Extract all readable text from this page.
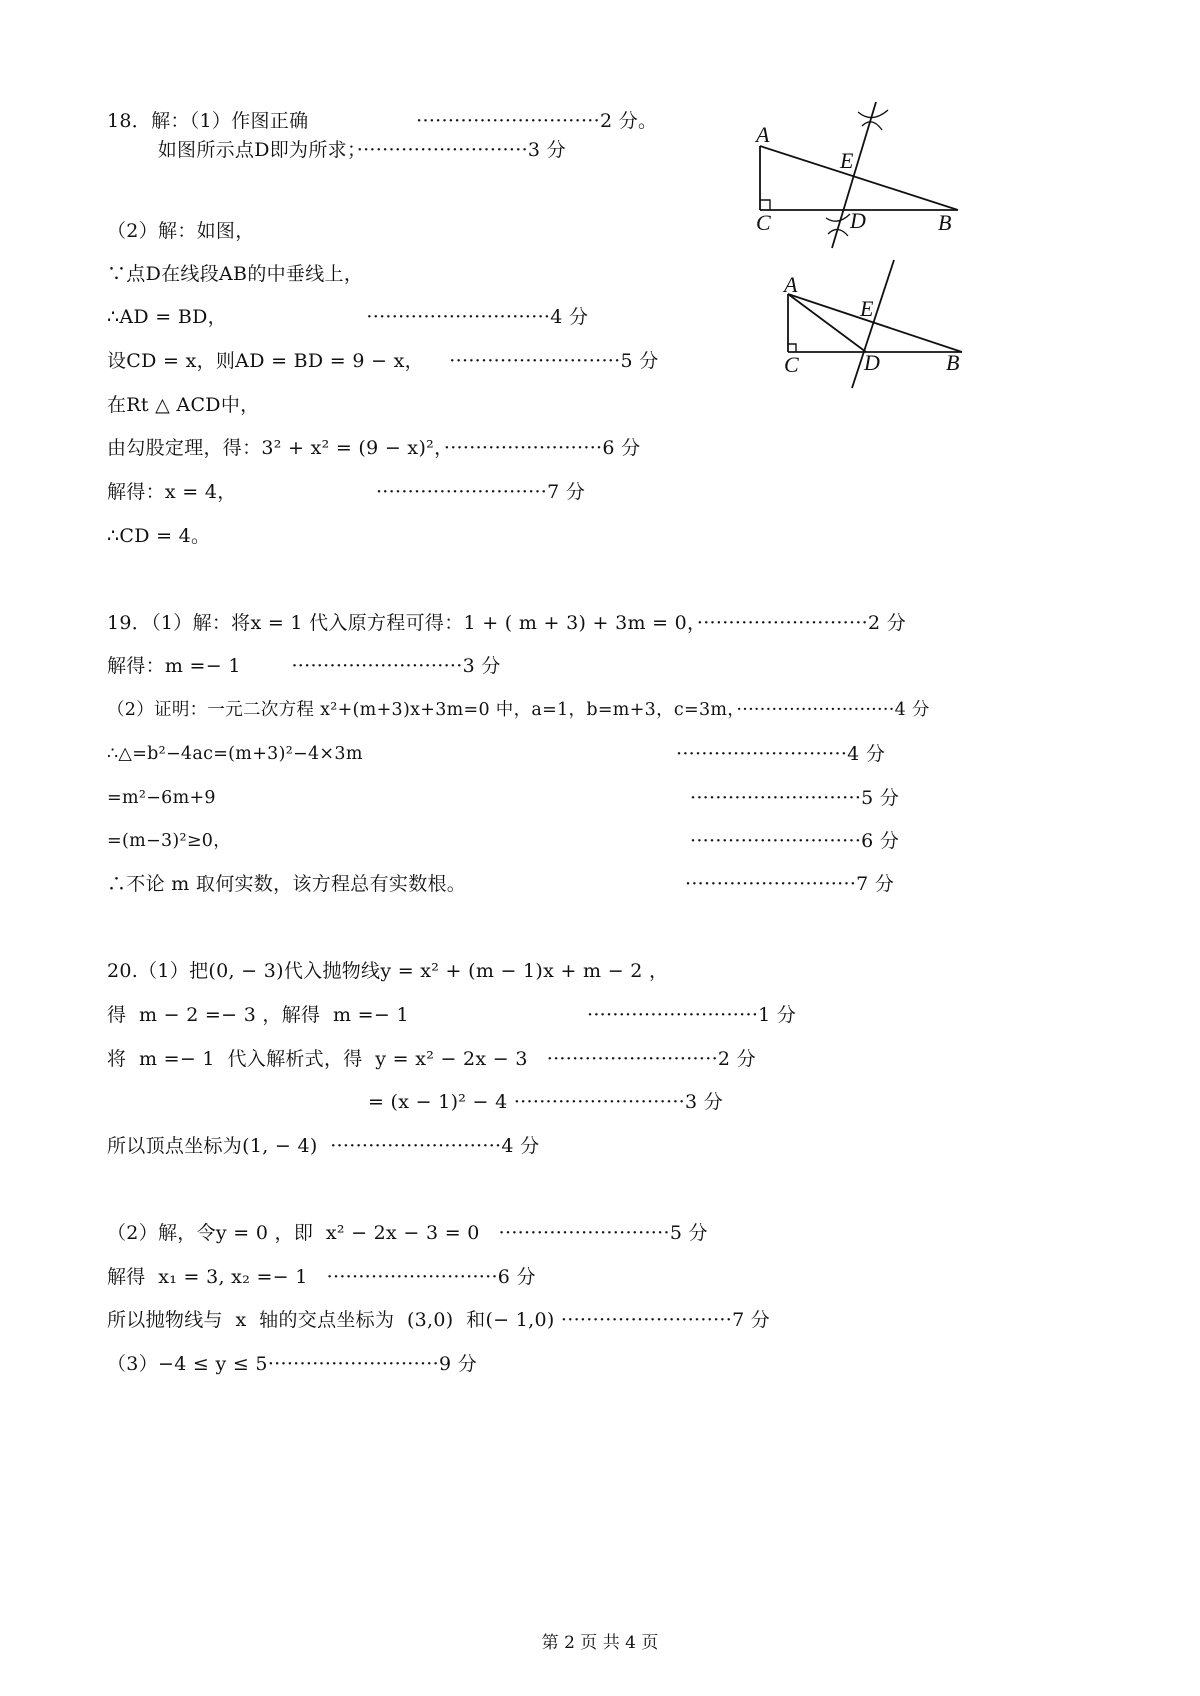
18．解：（1）作图正确                 ·····························2 分。
如图所示点D即为所求；···························3 分
（2）解：如图，
∵点D在线段AB的中垂线上，
∴AD = BD，                      ·····························4 分
设CD = x，则AD = BD = 9 − x，    ···························5 分
在Rt △ ACD中，
由勾股定理，得：3² + x² = (9 − x)²，·························6 分
解得：x = 4，                      ···························7 分
∴CD = 4。
A
E
C	D	B
A
E
C	D	B
19．（1）解：将x = 1 代入原方程可得：1 + ( m + 3) + 3m = 0，···························2 分
解得：m =− 1        ···························3 分
（2）证明：一元二次方程 x²+(m+3)x+3m=0 中，a=1，b=m+3，c=3m，···························4 分
∴△=b²−4ac=(m+3)²−4×3m	···························4 分
=m²−6m+9	···························5 分
=(m−3)²≥0，	···························6 分
∴不论 m 取何实数，该方程总有实数根。	···························7 分
20.（1）把(0, − 3)代入抛物线y = x² + (m − 1)x + m − 2 ，
得  m − 2 =− 3 ，解得  m =− 1	···························1 分
将  m =− 1  代入解析式，得  y = x² − 2x − 3   ···························2 分
= (x − 1)² − 4 ···························3 分
所以顶点坐标为(1, − 4)  ···························4 分
（2）解，令y = 0 ，即  x² − 2x − 3 = 0   ···························5 分
解得  x₁ = 3, x₂ =− 1   ···························6 分
所以抛物线与  x  轴的交点坐标为  (3,0)  和(− 1,0) ···························7 分
（3）−4 ≤ y ≤ 5···························9 分
第 2 页 共 4 页
